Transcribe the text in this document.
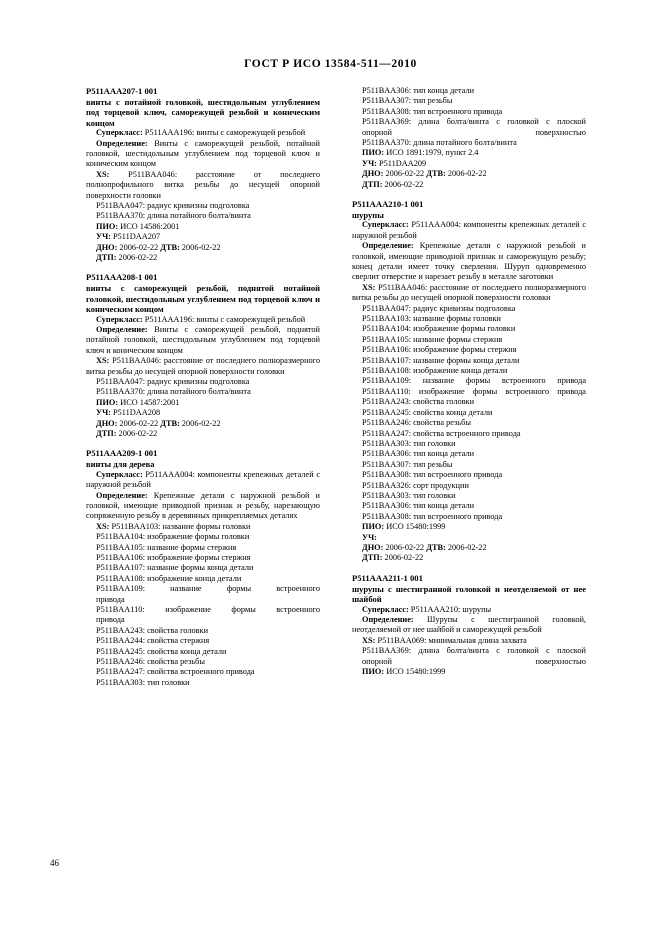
ГОСТ Р ИСО 13584-511—2010
P511AAA207-1 001
винты с потайной головкой, шестидольным углублением под торцевой ключ, саморежущей резьбой и коническим концом
Суперкласс: P511AAA196: винты с саморежущей резьбой
Определение: Винты с саморежущей резьбой, потайной головкой, шестидольным углублением под торцевой ключ и коническим концом
XS: P511BAA046: расстояние от последнего полнопрофильного витка резьбы до несущей опорной поверхности головки
P511BAA047: радиус кривизны подголовка
P511BAA370: длина потайного болта/винта
ПИО: ИСО 14586:2001
УЧ: P511DAA207
ДНО: 2006-02-22 ДТВ: 2006-02-22
ДТП: 2006-02-22
P511AAA208-1 001
винты с саморежущей резьбой, поднятой потайной головкой, шестидольным углублением под торцевой ключ и коническим концом
Суперкласс: P511AAA196: винты с саморежущей резьбой
Определение: Винты с саморежущей резьбой, поднятой потайной головкой, шестидольным углублением под торцевой ключ и коническим концом
XS: P511BAA046: расстояние от последнего полноразмерного витка резьбы до несущей опорной поверхности головки
P511BAA047: радиус кривизны подголовка
P511BAA370: длина потайного болта/винта
ПИО: ИСО 14587:2001
УЧ: P511DAA208
ДНО: 2006-02-22 ДТВ: 2006-02-22
ДТП: 2006-02-22
P511AAA209-1 001
винты для дерева
Суперкласс: P511AAA004: компоненты крепежных деталей с наружной резьбой
Определение: Крепежные детали с наружной резьбой и головкой, имеющие приводной признак и резьбу, нарезающую сопряженную резьбу в деревянных прикрепляемых деталях
XS: P511BAA103: название формы головки
P511BAA104: изображение формы головки
P511BAA105: название формы стержня
P511BAA106: изображение формы стержня
P511BAA107: название формы конца детали
P511BAA108: изображение конца детали
P511BAA109: название формы встроенного
привода
P511BAA110: изображение формы встроенного
привода
P511BAA243: свойства головки
P511BAA244: свойства стержня
P511BAA245: свойства конца детали
P511BAA246: свойства резьбы
P511BAA247: свойства встроенного привода
P511BAA303: тип головки
P511BAA306: тип конца детали
P511BAA307: тип резьбы
P511BAA308: тип встроенного привода
P511BAA369: длина болта/винта с головкой с плоской опорной поверхностью
P511BAA370: длина потайного болта/винта
ПИО: ИСО 1891:1979, пункт 2.4
УЧ: P511DAA209
ДНО: 2006-02-22 ДТВ: 2006-02-22
ДТП: 2006-02-22
P511AAA210-1 001
шурупы
Суперкласс: P511AAA004: компоненты крепежных деталей с наружной резьбой
Определение: Крепежные детали с наружной резьбой и головкой, имеющие приводной признак и саморежущую резьбу; конец детали имеет точку сверления. Шуруп одновременно сверлит отверстие и нарезает резьбу в металле заготовки
XS: P511BAA046: расстояние от последнего полноразмерного витка резьбы до несущей опорной поверхности головки
P511BAA047: радиус кривизны подголовка
P511BAA103: название формы головки
P511BAA104: изображение формы головки
P511BAA105: название формы стержня
P511BAA106: изображение формы стержня
P511BAA107: название формы конца детали
P511BAA108: изображение конца детали
P511BAA109: название формы встроенного привода
P511BAA110: изображение формы встроенного привода
P511BAA243: свойства головки
P511BAA245: свойства конца детали
P511BAA246: свойства резьбы
P511BAA247: свойства встроенного привода
P511BAA303: тип головки
P511BAA306: тип конца детали
P511BAA307: тип резьбы
P511BAA308: тип встроенного привода
P511BAA326: сорт продукции
P511BAA303: тип головки
P511BAA306: тип конца детали
P511BAA308: тип встроенного привода
ПИО: ИСО 15480:1999
УЧ:
ДНО: 2006-02-22 ДТВ: 2006-02-22
ДТП: 2006-02-22
P511AAA211-1 001
шурупы с шестигранной головкой и неотделяемой от нее шайбой
Суперкласс: P511AAA210: шурупы
Определение: Шурупы с шестигранной головкой, неотделяемой от нее шайбой и саморежущей резьбой
XS: P511BAA069: минимальная длина захвата
P511BAA369: длина болта/винта с головкой с плоской опорной поверхностью
ПИО: ИСО 15480:1999
46
